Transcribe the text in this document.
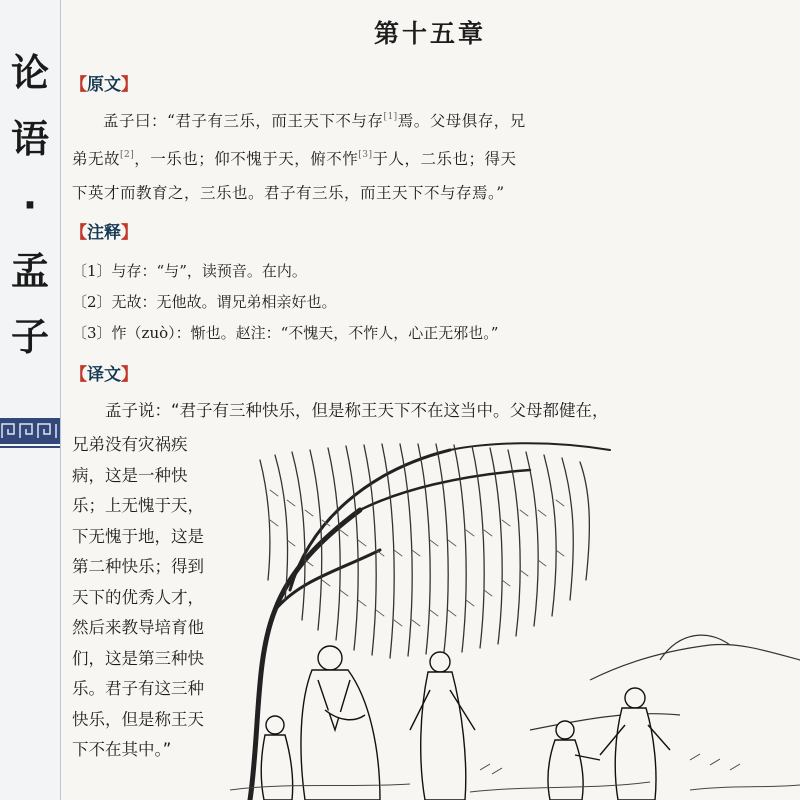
论
语
·
孟
子
第十五章
【原文】
孟子曰：“君子有三乐，而王天下不与存[1]焉。父母俱存，兄
弟无故[2]，一乐也；仰不愧于天，俯不怍[3]于人，二乐也；得天
下英才而教育之，三乐也。君子有三乐，而王天下不与存焉。”
【注释】
〔1〕与存：“与”，读预音。在内。
〔2〕无故：无他故。谓兄弟相亲好也。
〔3〕怍（zuò）：惭也。赵注：“不愧天，不怍人，心正无邪也。”
【译文】
孟子说：“君子有三种快乐，但是称王天下不在这当中。父母都健在，
兄弟没有灾祸疾
病，这是一种快
乐；上无愧于天，
下无愧于地，这是
第二种快乐；得到
天下的优秀人才，
然后来教导培育他
们，这是第三种快
乐。君子有这三种
快乐，但是称王天
下不在其中。”
